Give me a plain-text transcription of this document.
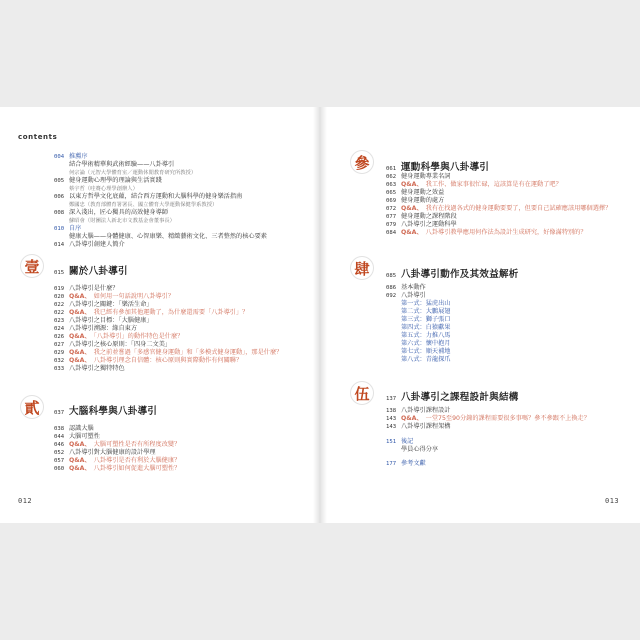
contents
012
004 推薦序
結合學術精華與武術經驗——八卦導引
何宗論（元智大學體育室／運動休閒教育研究所教授）
005 健身運動心理學的理論與生活實踐
蔡宇哲（哇賽心理學創辦人）
006 以東方哲學文化底蘊，結合西方運動和大腦科學的健身樂活指南
鄭國忠（教育部體育署署長、國立體育大學運動保健學系教授）
008 深入淺出，匠心獨具的高效健身導師
蘇昭會（財團法人新北市文教基金會董事長）
010 自序
健康大腦——身體健康、心智康樂、精緻藝術文化、三者整然的核心要素
014 八卦導引創建人簡介
壹	015 關於八卦導引
019 八卦導引是什麼？
020 Q&A、 如何用一句話說明八卦導引？
022 八卦導引之關鍵：「樂活生命」
022 Q&A、 我已經有參加其他運動了，為什麼還需要「八卦導引」？
023 八卦導引之目標：「大腦健康」
024 八卦導引溯源：緣自東方
026 Q&A、 「八卦導引」的動作特色是什麼？
027 八卦導引之核心原則：「四身二文美」
029 Q&A、 我之前並嘗過「多感官健身運動」和「多模式健身運動」，那是什麼？
032 Q&A、 八卦導引理念自信體：核心原則與實際動作有何關聯？
033 八卦導引之獨特特色
貳	037 大腦科學與八卦導引
038 認識大腦
044 大腦可塑性
046 Q&A、 大腦可塑性是否有所程度改變？
052 八卦導引對大腦健康的設計學理
057 Q&A、 八卦導引是否有利於大腦健康？
060 Q&A、 八卦導引如何促進大腦可塑性？
參	061 運動科學與八卦導引
062 健身運動專業名詞
063 Q&A、 我工作、做家事很忙碌，這該算是有在運動了吧？
065 健身運動之效益
069 健身運動的處方
072 Q&A、 我有在找過各式的健身運動要要了，但要自己試確應該用哪個選擇？
077 健身運動之課程階段
079 八卦導引之運動科學
084 Q&A、 八卦導引教學應用何作法為設計生成研究，好像滿特別的？
肆	085 八卦導引動作及其效益解析
086 基本動作
092 八卦導引
第一式：猛虎出山
第二式：大鵬展翅
第三式：獅子張口
第四式：白猿獻果
第五式：力推八馬
第六式：懷中抱月
第七式：順天補地
第八式：青龍探爪
伍	137 八卦導引之課程設計與結構
138 八卦導引課程設計
143 Q&A、 一堂75至90分鐘的課程需要很多事嗎？參不參跟不上換走？
143 八卦導引課程架構
151 後記
學員心得分享
177 參考文獻
013
